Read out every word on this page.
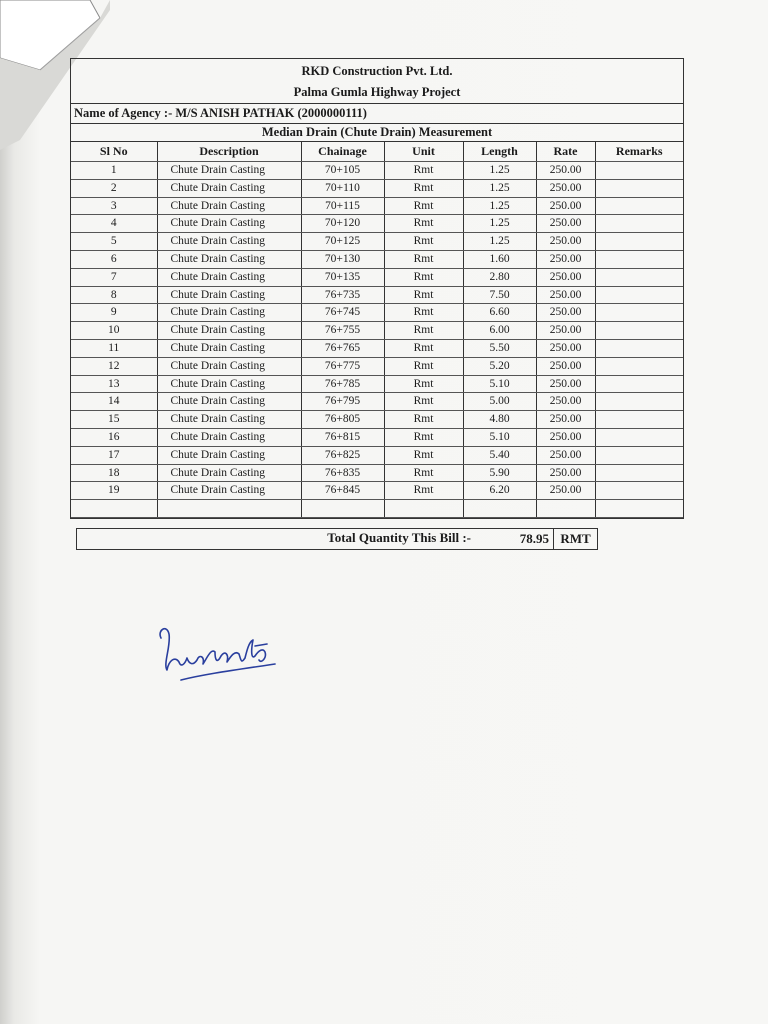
RKD Construction Pvt. Ltd.
Palma Gumla Highway Project
Name of Agency :- M/S ANISH PATHAK (2000000111)
Median Drain (Chute Drain) Measurement
Sl No	Description	Chainage	Unit	Length	Rate	Remarks
1	Chute Drain Casting	70+105	Rmt	1.25	250.00	
2	Chute Drain Casting	70+110	Rmt	1.25	250.00	
3	Chute Drain Casting	70+115	Rmt	1.25	250.00	
4	Chute Drain Casting	70+120	Rmt	1.25	250.00	
5	Chute Drain Casting	70+125	Rmt	1.25	250.00	
6	Chute Drain Casting	70+130	Rmt	1.60	250.00	
7	Chute Drain Casting	70+135	Rmt	2.80	250.00	
8	Chute Drain Casting	76+735	Rmt	7.50	250.00	
9	Chute Drain Casting	76+745	Rmt	6.60	250.00	
10	Chute Drain Casting	76+755	Rmt	6.00	250.00	
11	Chute Drain Casting	76+765	Rmt	5.50	250.00	
12	Chute Drain Casting	76+775	Rmt	5.20	250.00	
13	Chute Drain Casting	76+785	Rmt	5.10	250.00	
14	Chute Drain Casting	76+795	Rmt	5.00	250.00	
15	Chute Drain Casting	76+805	Rmt	4.80	250.00	
16	Chute Drain Casting	76+815	Rmt	5.10	250.00	
17	Chute Drain Casting	76+825	Rmt	5.40	250.00	
18	Chute Drain Casting	76+835	Rmt	5.90	250.00	
19	Chute Drain Casting	76+845	Rmt	6.20	250.00	

Total Quantity This Bill :-	78.95 RMT
